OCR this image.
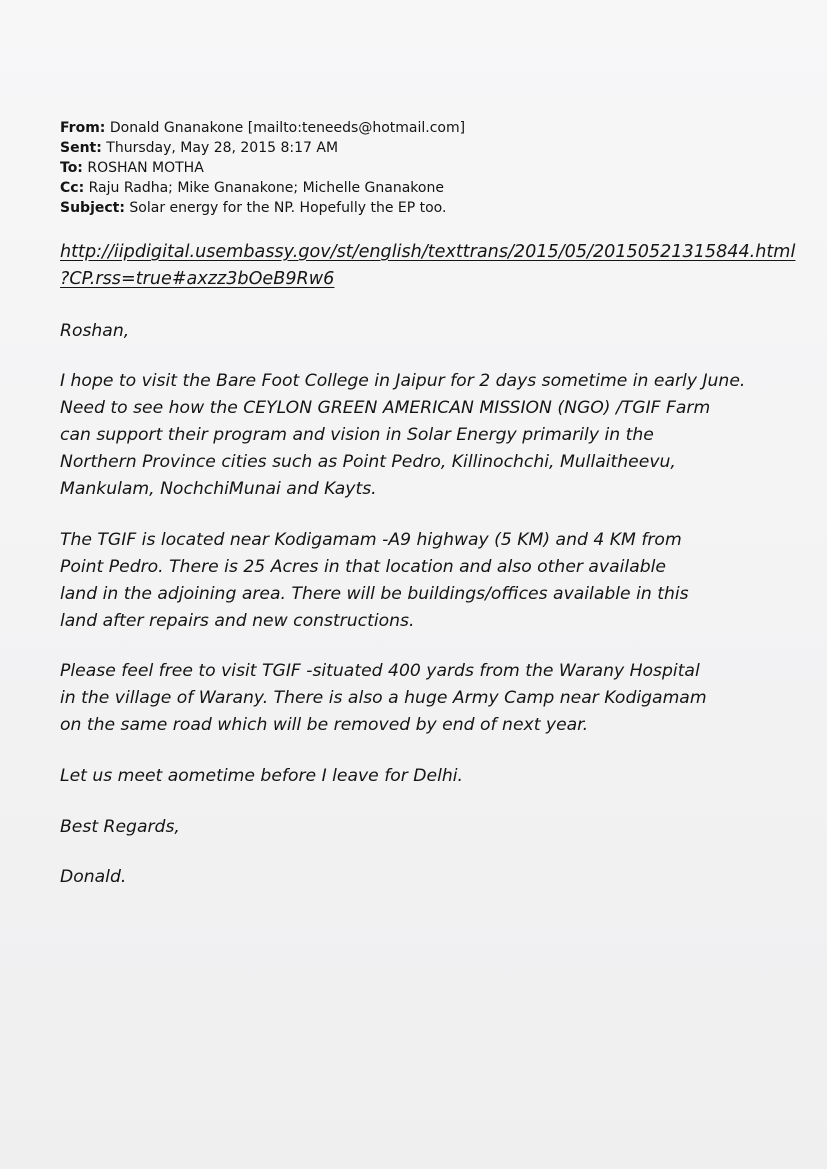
From: Donald Gnanakone [mailto:teneeds@hotmail.com]
Sent: Thursday, May 28, 2015 8:17 AM
To: ROSHAN MOTHA
Cc: Raju Radha; Mike Gnanakone; Michelle Gnanakone
Subject: Solar energy for the NP. Hopefully the EP too.
http://iipdigital.usembassy.gov/st/english/texttrans/2015/05/20150521315844.html
?CP.rss=true#axzz3bOeB9Rw6
Roshan,
I hope to visit the Bare Foot College in Jaipur for 2 days sometime in early June.
Need to see how the CEYLON GREEN AMERICAN MISSION (NGO) /TGIF Farm
can support their program and vision in Solar Energy primarily in the
Northern Province cities such as Point Pedro, Killinochchi, Mullaitheevu,
Mankulam, NochchiMunai and Kayts.
The TGIF is located near Kodigamam -A9 highway (5 KM) and 4 KM from
Point Pedro. There is 25 Acres in that location and also other available
land in the adjoining area. There will be buildings/offices available in this
land after repairs and new constructions.
Please feel free to visit TGIF -situated 400 yards from the Warany Hospital
in the village of Warany. There is also a huge Army Camp near Kodigamam
on the same road which will be removed by end of next year.
Let us meet aometime before I leave for Delhi.
Best Regards,
Donald.
